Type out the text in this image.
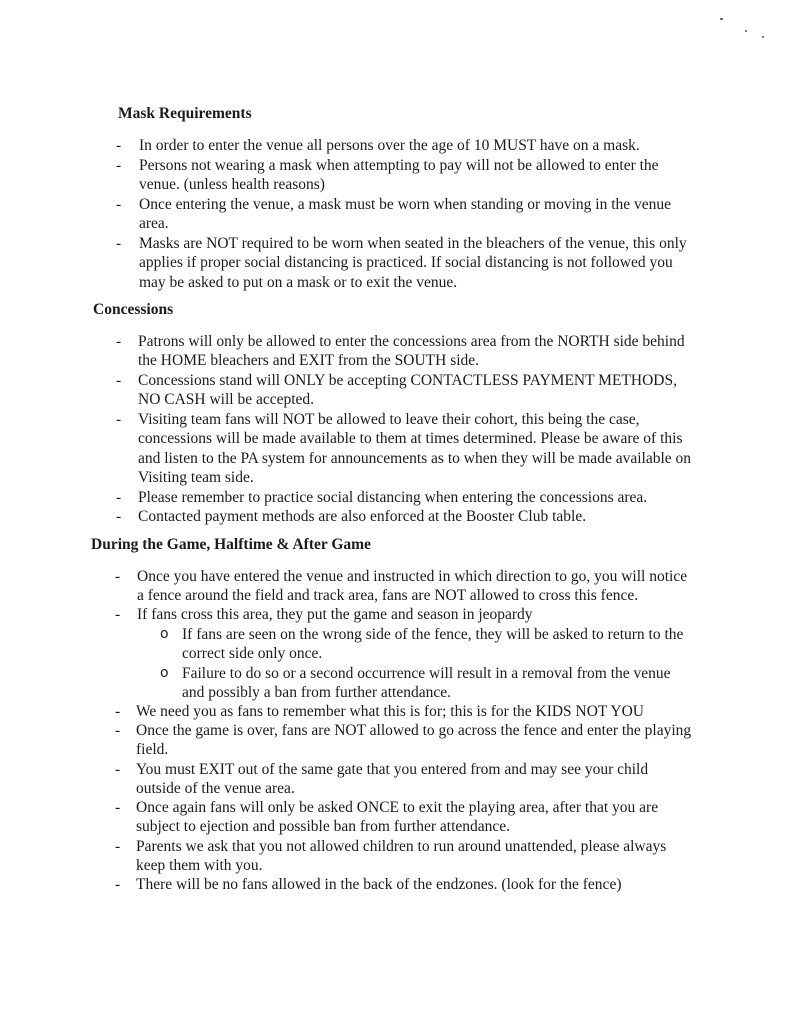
Mask Requirements
- In order to enter the venue all persons over the age of 10 MUST have on a mask.
- Persons not wearing a mask when attempting to pay will not be allowed to enter the venue. (unless health reasons)
- Once entering the venue, a mask must be worn when standing or moving in the venue area.
- Masks are NOT required to be worn when seated in the bleachers of the venue, this only applies if proper social distancing is practiced. If social distancing is not followed you may be asked to put on a mask or to exit the venue.
Concessions
- Patrons will only be allowed to enter the concessions area from the NORTH side behind the HOME bleachers and EXIT from the SOUTH side.
- Concessions stand will ONLY be accepting CONTACTLESS PAYMENT METHODS, NO CASH will be accepted.
- Visiting team fans will NOT be allowed to leave their cohort, this being the case, concessions will be made available to them at times determined. Please be aware of this and listen to the PA system for announcements as to when they will be made available on Visiting team side.
- Please remember to practice social distancing when entering the concessions area.
- Contacted payment methods are also enforced at the Booster Club table.
During the Game, Halftime & After Game
- Once you have entered the venue and instructed in which direction to go, you will notice a fence around the field and track area, fans are NOT allowed to cross this fence.
- If fans cross this area, they put the game and season in jeopardy
o If fans are seen on the wrong side of the fence, they will be asked to return to the correct side only once.
o Failure to do so or a second occurrence will result in a removal from the venue and possibly a ban from further attendance.
- We need you as fans to remember what this is for; this is for the KIDS NOT YOU
- Once the game is over, fans are NOT allowed to go across the fence and enter the playing field.
- You must EXIT out of the same gate that you entered from and may see your child outside of the venue area.
- Once again fans will only be asked ONCE to exit the playing area, after that you are subject to ejection and possible ban from further attendance.
- Parents we ask that you not allowed children to run around unattended, please always keep them with you.
- There will be no fans allowed in the back of the endzones. (look for the fence)
